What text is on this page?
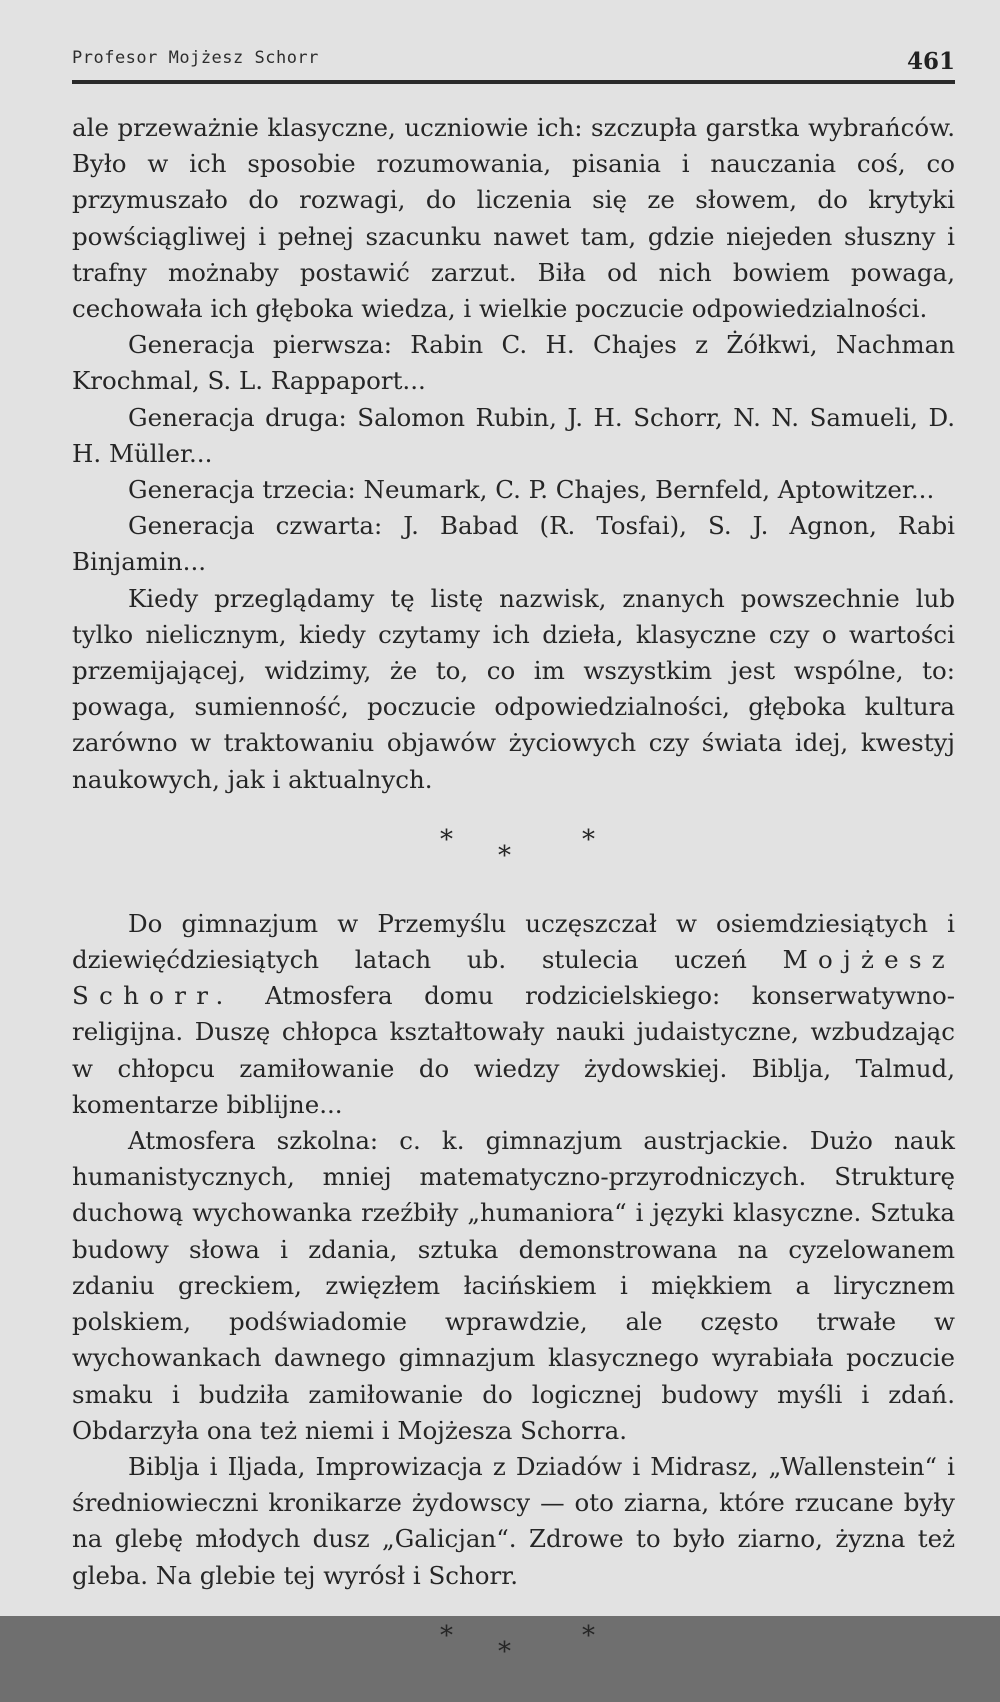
Profesor Mojżesz Schorr	461

ale przeważnie klasyczne, uczniowie ich: szczupła garstka wybrańców. Było w ich sposobie rozumowania, pisania i nauczania coś, co przymuszało do rozwagi, do liczenia się ze słowem, do krytyki powściągliwej i pełnej szacunku nawet tam, gdzie niejeden słuszny i trafny możnaby postawić zarzut. Biła od nich bowiem powaga, cechowała ich głęboka wiedza, i wielkie poczucie odpowiedzialności.

Generacja pierwsza: Rabin C. H. Chajes z Żółkwi, Nachman Krochmal, S. L. Rappaport...

Generacja druga: Salomon Rubin, J. H. Schorr, N. N. Samueli, D. H. Müller...

Generacja trzecia: Neumark, C. P. Chajes, Bernfeld, Aptowitzer...

Generacja czwarta: J. Babad (R. Tosfai), S. J. Agnon, Rabi Binjamin...

Kiedy przeglądamy tę listę nazwisk, znanych powszechnie lub tylko nielicznym, kiedy czytamy ich dzieła, klasyczne czy o wartości przemijającej, widzimy, że to, co im wszystkim jest wspólne, to: powaga, sumienność, poczucie odpowiedzialności, głęboka kultura zarówno w traktowaniu objawów życiowych czy świata idej, kwestyj naukowych, jak i aktualnych.

*
*
*

Do gimnazjum w Przemyślu uczęszczał w osiemdziesiątych i dziewięćdziesiątych latach ub. stulecia uczeń Mojżesz Schorr. Atmosfera domu rodzicielskiego: konserwatywno-religijna. Duszę chłopca kształtowały nauki judaistyczne, wzbudzając w chłopcu zamiłowanie do wiedzy żydowskiej. Biblja, Talmud, komentarze biblijne...

Atmosfera szkolna: c. k. gimnazjum austrjackie. Dużo nauk humanistycznych, mniej matematyczno-przyrodniczych. Strukturę duchową wychowanka rzeźbiły „humaniora“ i języki klasyczne. Sztuka budowy słowa i zdania, sztuka demonstrowana na cyzelowanem zdaniu greckiem, zwięzłem łacińskiem i miękkiem a lirycznem polskiem, podświadomie wprawdzie, ale często trwałe w wychowankach dawnego gimnazjum klasycznego wyrabiała poczucie smaku i budziła zamiłowanie do logicznej budowy myśli i zdań. Obdarzyła ona też niemi i Mojżesza Schorra.

Biblja i Iljada, Improwizacja z Dziadów i Midrasz, „Wallenstein“ i średniowieczni kronikarze żydowscy — oto ziarna, które rzucane były na glebę młodych dusz „Galicjan“. Zdrowe to było ziarno, żyzna też gleba. Na glebie tej wyrósł i Schorr.

*
*
*
